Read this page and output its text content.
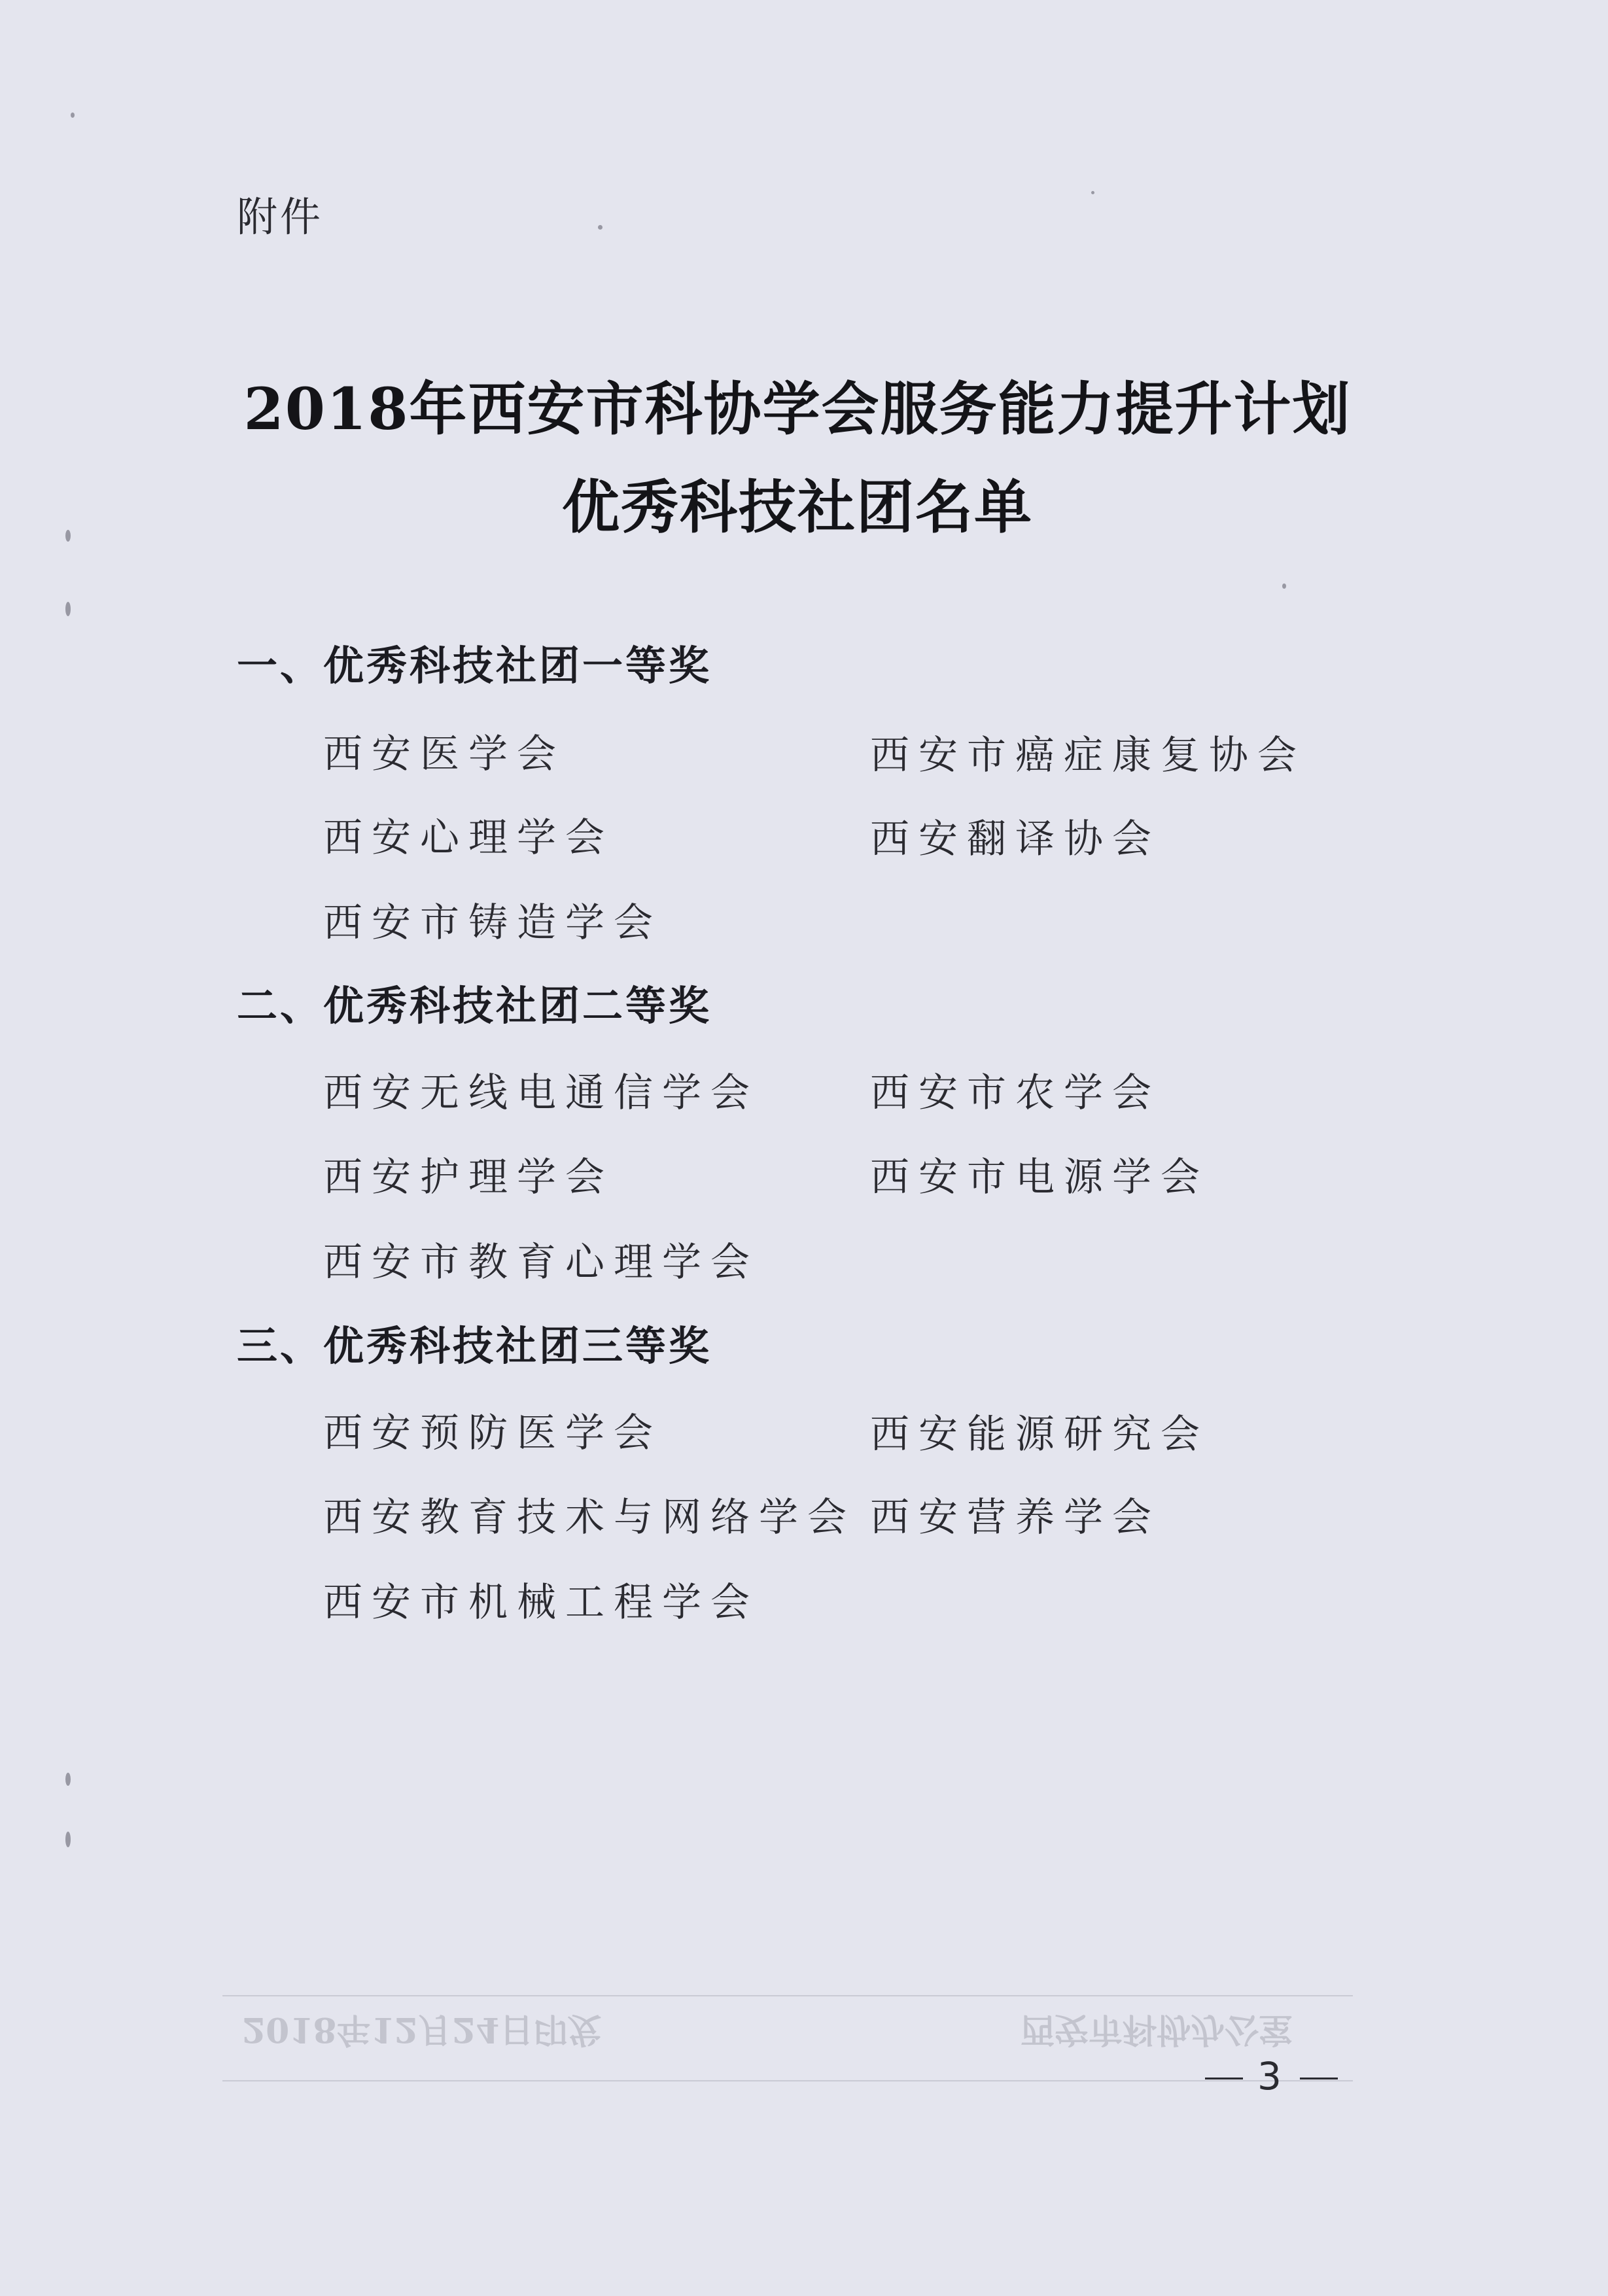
附件
2018年西安市科协学会服务能力提升计划
优秀科技社团名单
一、优秀科技社团一等奖
西安医学会	西安市癌症康复协会
西安心理学会	西安翻译协会
西安市铸造学会
二、优秀科技社团二等奖
西安无线电通信学会	西安市农学会
西安护理学会	西安市电源学会
西安市教育心理学会
三、优秀科技社团三等奖
西安预防医学会	西安能源研究会
西安教育技术与网络学会 西安营养学会
西安市机械工程学会
2018年12月24日印发	西安市科协办公室
3
